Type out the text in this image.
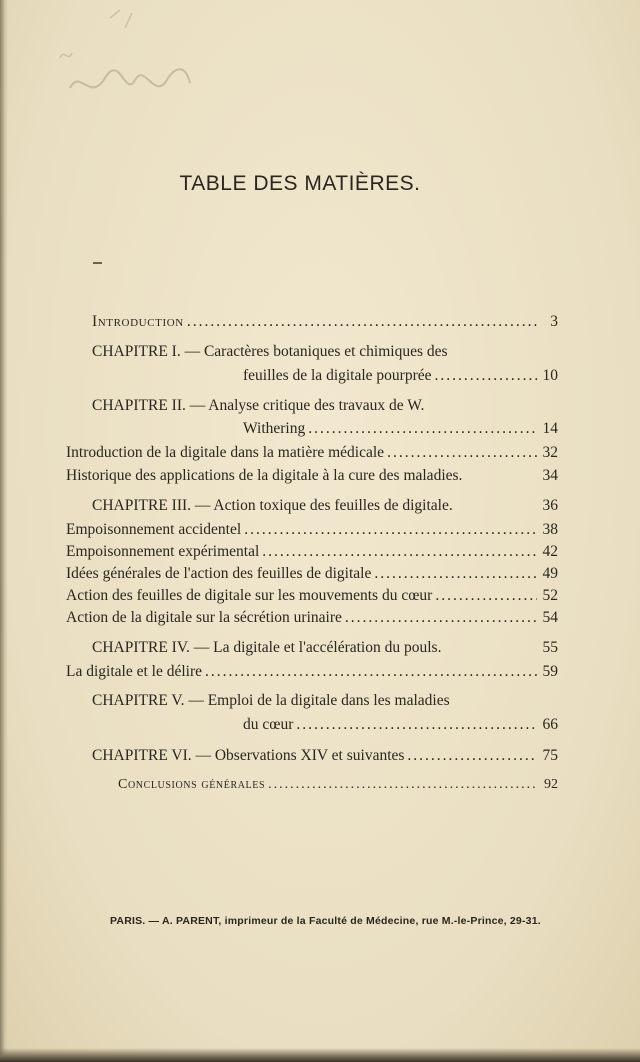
TABLE DES MATIÈRES.
Introduction .....	3
CHAPITRE I. — Caractères botaniques et chimiques des
feuilles de la digitale pourprée .....	10
CHAPITRE II. — Analyse critique des travaux de W.
Withering .....	14
Introduction de la digitale dans la matière médicale .....	32
Historique des applications de la digitale à la cure des maladies.	34
CHAPITRE III. — Action toxique des feuilles de digitale.	36
Empoisonnement accidentel .....	38
Empoisonnement expérimental .....	42
Idées générales de l'action des feuilles de digitale .....	49
Action des feuilles de digitale sur les mouvements du cœur .....	52
Action de la digitale sur la sécrétion urinaire .....	54
CHAPITRE IV. — La digitale et l'accélération du pouls.	55
La digitale et le délire .....	59
CHAPITRE V. — Emploi de la digitale dans les maladies
du cœur .....	66
CHAPITRE VI. — Observations XIV et suivantes .....	75
Conclusions générales .....	92
PARIS. — A. PARENT, imprimeur de la Faculté de Médecine, rue M.-le-Prince, 29-31.
